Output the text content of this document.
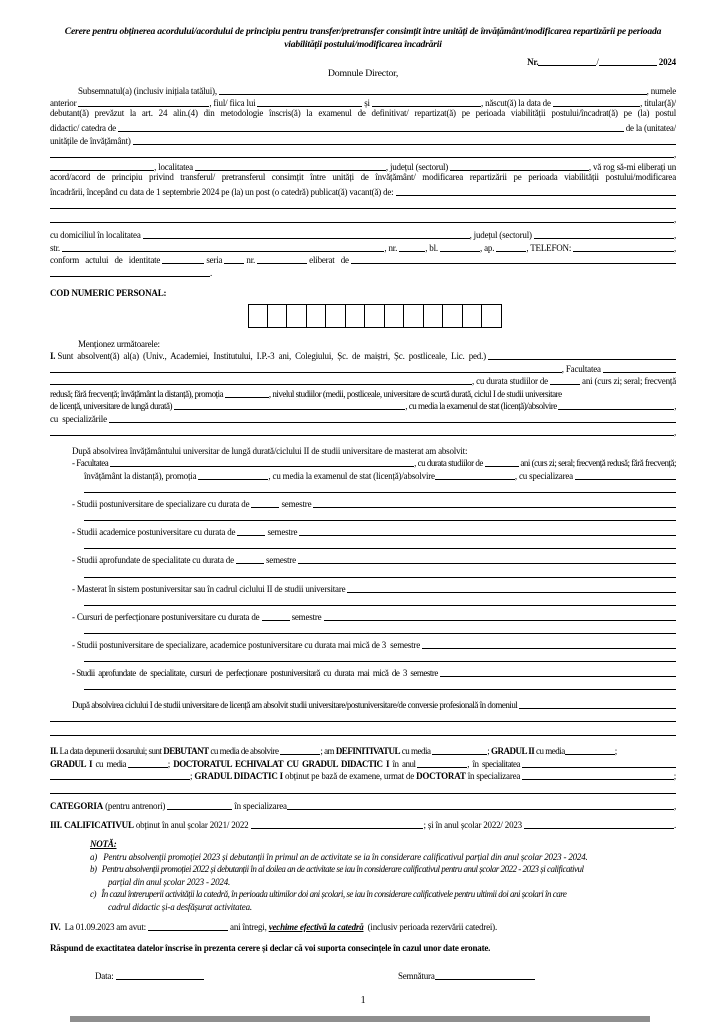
Cerere pentru obținerea acordului/acordului de principiu pentru transfer/pretransfer consimțit între unități de învățământ/modificarea repartizării pe perioada
viabilității postului/modificarea încadrării
Nr.	/	2024
Domnule Director,
Subsemnatul(a) (inclusiv inițiala tatălui),	, numele
anterior	, fiul/ fiica lui	și	, născut(ă) la data de	, titular(ă)/
debutant(ă) prevăzut la art. 24 alin.(4) din metodologie înscris(ă) la examenul de definitivat/ repartizat(ă) pe perioada viabilității postului/încadrat(ă) pe (la) postul
didactic/ catedra de	de la (unitatea/
unitățile de învățământ)
,
, localitatea	, județul (sectorul)	, vă rog să-mi eliberați un
acord/acord de principiu privind transferul/ pretransferul consimțit între unități de învățământ/ modificarea repartizării pe perioada viabilității postului/modificarea
încadrării, începând cu data de 1 septembrie 2024 pe (la) un post (o catedră) publicat(ă) vacant(ă) de:
,
cu domiciliul în localitatea	, județul (sectorul)	,
str.	, nr.	, bl.	, ap.	, TELEFON:	,
conform   actului   de   identitate	seria nr.	eliberat   de
.
COD NUMERIC PERSONAL:
Menționez următoarele:
I. Sunt  absolvent(ă)  al(a)  (Univ.,  Academiei,  Institutului,  I.P.-3  ani,  Colegiului,  Șc.  de  maiștri,  Șc.  postliceale,  Lic.  ped.)
, Facultatea
, cu durata studiilor de	ani (curs zi; seral; frecvență
redusă; fără frecvență; învățământ la distanță), promoția	, nivelul studiilor (medii, postliceale, universitare de scurtă durată, ciclul I de studii universitare
de licență, universitare de lungă durată)	, cu media la examenul de stat (licență)/absolvire	,
cu  specializările
,
După absolvirea învățământului universitar de lungă durată/ciclului II de studii universitare de masterat am absolvit:
- Facultatea	, cu durata studiilor de	ani (curs zi; seral; frecvență redusă; fără frecvență;
învățământ la distanță), promoția	, cu media la examenul de stat (licență)/absolvire	, cu specializarea
- Studii postuniversitare de specializare cu durata de	semestre
- Studii academice postuniversitare cu durata de	semestre
- Studii aprofundate de specialitate cu durata de	semestre
- Masterat în sistem postuniversitar sau în cadrul ciclului II de studii universitare
- Cursuri de perfecționare postuniversitare cu durata de	semestre
- Studii postuniversitare de specializare, academice postuniversitare cu durata mai mică de 3  semestre
- Studii  aprofundate  de  specialitate,  cursuri  de  perfecționare  postuniversitară  cu  durata  mai  mică  de  3  semestre
După absolvirea ciclului I de studii universitare de licență am absolvit studii universitare/postuniversitare/de conversie profesională în domeniul
II. La data depunerii dosarului; sunt DEBUTANT cu media de absolvire	; am DEFINITIVATUL cu media	; GRADUL II cu media	;
GRADUL  I cu  media	; DOCTORATUL  ECHIVALAT  CU  GRADUL  DIDACTIC  I în  anul	,  în  specialitatea
; GRADUL DIDACTIC I obținut pe bază de examene, urmat de DOCTORAT în specializarea	;
CATEGORIA (pentru antrenori)	în specializarea	,
III. CALIFICATIVUL obținut în anul școlar 2021/ 2022	; și în anul școlar 2022/ 2023	.
NOTĂ:
a)   Pentru absolvenții promoției 2023 și debutanții în primul an de activitate se ia în considerare calificativul parțial din anul școlar 2023 - 2024.
b)   Pentru absolvenții promoției 2022 și debutanții în al doilea an de activitate se iau în considerare calificativul pentru anul școlar 2022 - 2023 și calificativul
parțial din anul școlar 2023 - 2024.
c)   În cazul întreruperii activității la catedră, în perioada ultimilor doi ani școlari, se iau în considerare calificativele pentru ultimii doi ani școlari în care
cadrul didactic și-a desfășurat activitatea.
IV. La 01.09.2023 am avut:	ani întregi, vechime efectivă la catedră (inclusiv perioada rezervării catedrei).
Răspund de exactitatea datelor înscrise în prezenta cerere și declar că voi suporta consecințele în cazul unor date eronate.
Data:	Semnătura
1
